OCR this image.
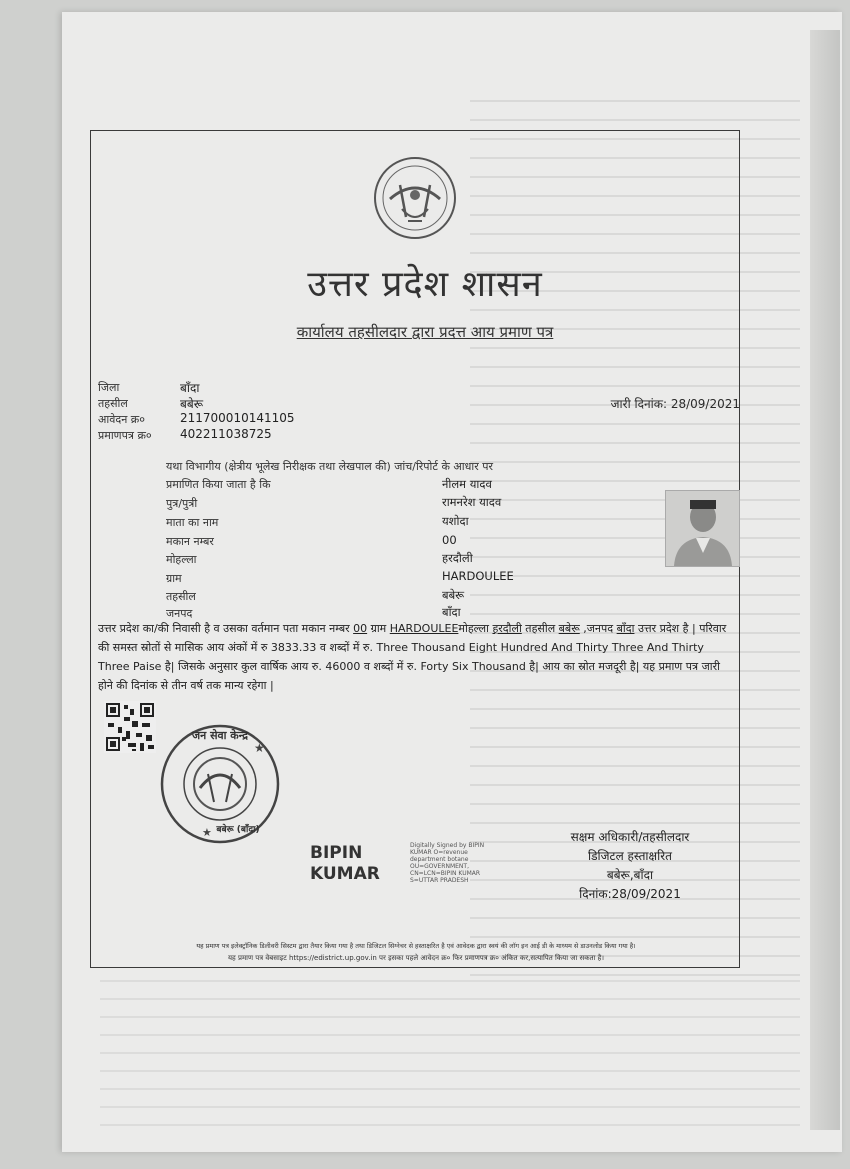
उत्तर प्रदेश शासन
कार्यालय तहसीलदार द्वारा प्रदत्त आय प्रमाण पत्र
जिला	बाँदा
तहसील	बबेरू
आवेदन क्र०	211700010141105
प्रमाणपत्र क्र० 402211038725
जारी दिनांक: 28/09/2021
यथा विभागीय (क्षेत्रीय भूलेख निरीक्षक तथा लेखपाल की) जांच/रिपोर्ट के आधार पर
प्रमाणित किया जाता है कि	नीलम यादव
पुत्र/पुत्री	रामनरेश यादव
माता का नाम	यशोदा
मकान नम्बर	00
मोहल्ला	हरदौली
ग्राम	HARDOULEE
तहसील	बबेरू
जनपद	बाँदा
उत्तर प्रदेश का/की निवासी है व उसका वर्तमान पता मकान नम्बर 00 ग्राम HARDOULEEमोहल्ला हरदौली तहसील बबेरू ,जनपद बाँदा उत्तर प्रदेश है | परिवार की समस्त स्रोतों से मासिक आय अंकों में रु 3833.33 व शब्दों में रु. Three Thousand Eight Hundred And Thirty Three And Thirty Three Paise है| जिसके अनुसार कुल वार्षिक आय रु. 46000 व शब्दों में रु. Forty Six Thousand है| आय का स्रोत मजदूरी है| यह प्रमाण पत्र जारी होने की दिनांक से तीन वर्ष तक मान्य रहेगा |
★
★
जन सेवा केन्द्र
बबेरू (बाँदा)
BIPIN
KUMAR
Digitally Signed by BIPIN
KUMAR O=revenue
department botane
OU=GOVERNMENT,
CN=LCN=BIPIN KUMAR
S=UTTAR PRADESH
सक्षम अधिकारी/तहसीलदार
डिजिटल हस्ताक्षरित
बबेरू,बाँदा
दिनांक:28/09/2021
यह प्रमाण पत्र इलेक्ट्रॉनिक डिलीवरी सिस्टम द्वारा तैयार किया गया है तथा डिजिटल सिग्नेचर से हस्ताक्षरित है एवं आवेदक द्वारा स्वयं की लॉग इन आई डी के माध्यम से डाउनलोड किया गया है।
यह प्रमाण पत्र वेबसाइट https://edistrict.up.gov.in पर इसका पहले आवेदन क्र० फिर प्रमाणपत्र क्र० अंकित कर,सत्यापित किया जा सकता है।
